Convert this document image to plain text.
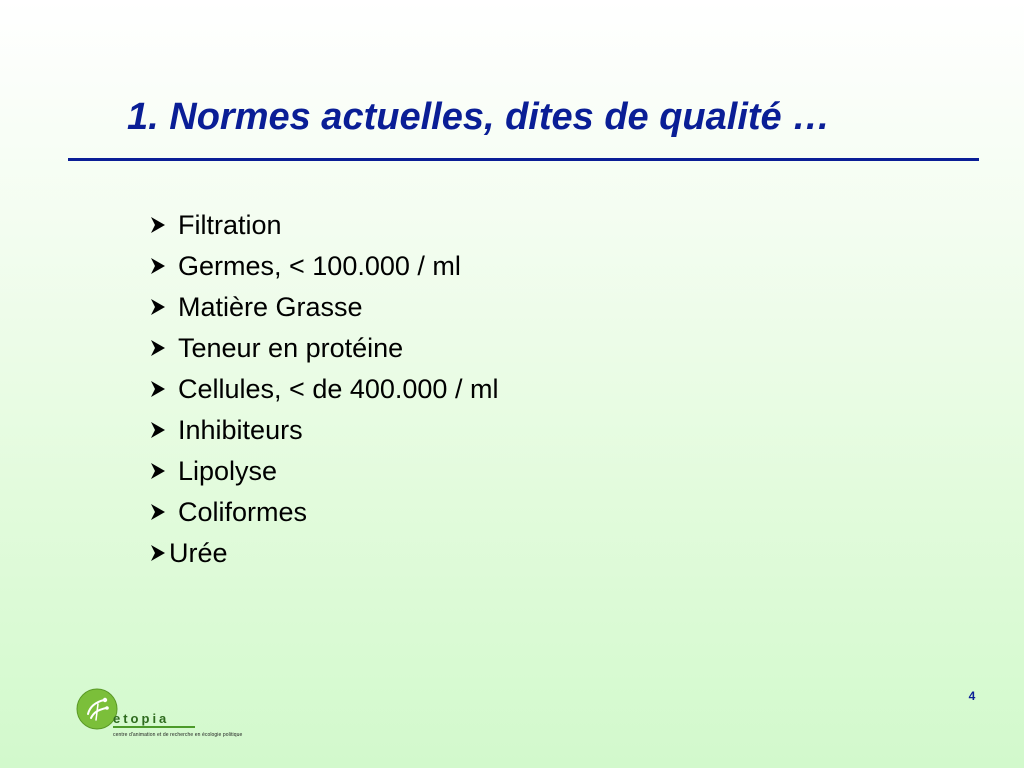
1. Normes actuelles, dites de qualité …
Filtration
Germes, < 100.000 / ml
Matière Grasse
Teneur en protéine
Cellules, < de 400.000 / ml
Inhibiteurs
Lipolyse
Coliformes
Urée
4
etopia
centre d'animation et de recherche en écologie politique
